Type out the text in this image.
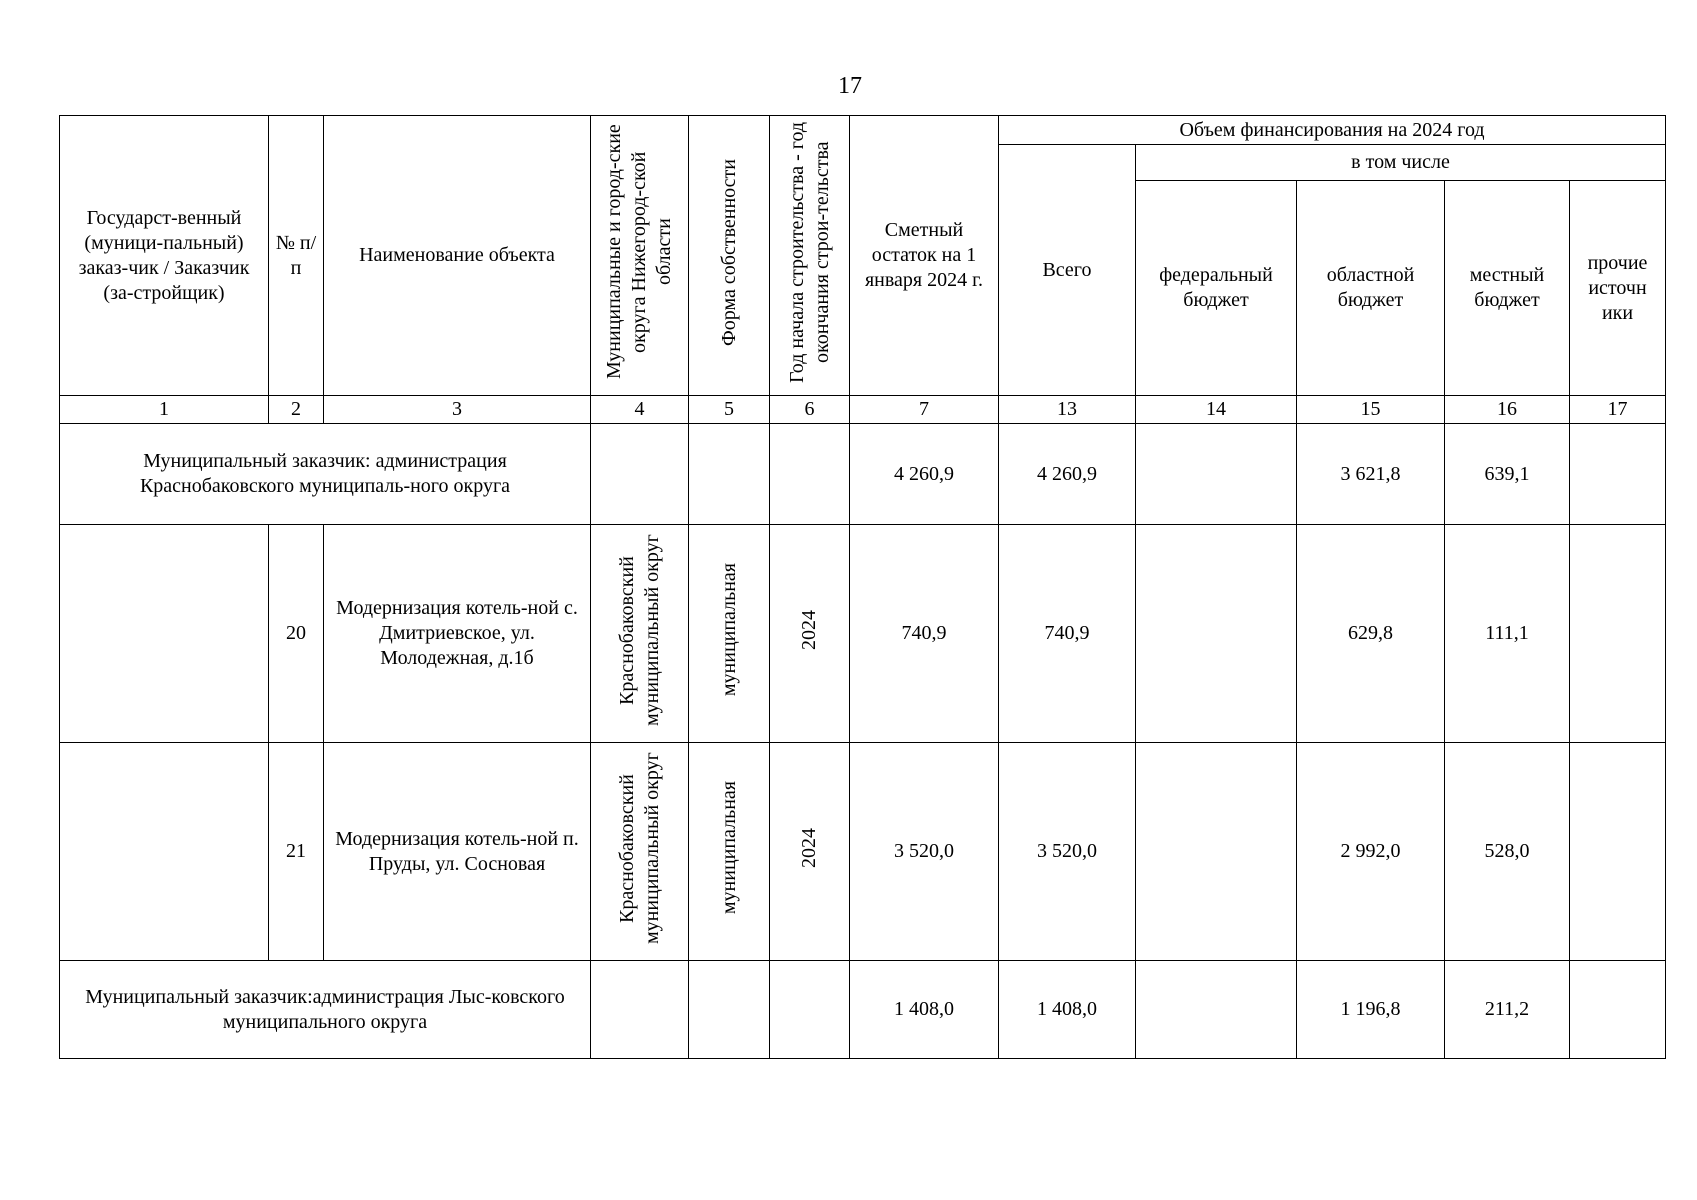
17
Государст-венный (муници-пальный) заказ-чик / Заказчик (за-стройщик)	№ п/п	Наименование объекта	Муниципальные и город-ские округа Нижегород-ской области	Форма собственности	Год начала строительства - год окончания строи-тельства	Сметный остаток на 1 января 2024 г.	Объем финансирования на 2024 год				
							Всего	в том числе			
								федеральный бюджет	областной бюджет	местный бюджет	прочие источн ики
1	2	3	4	5	6	7	13	14	15	16	17
Муниципальный заказчик: администрация Краснобаковского муниципаль-ного округа						4 260,9	4 260,9		3 621,8	639,1	
	20	Модернизация котель-ной с. Дмитриевское, ул. Молодежная, д.1б	Краснобаковский муниципальный округ	муниципальная	2024	740,9	740,9		629,8	111,1	
	21	Модернизация котель-ной п. Пруды, ул. Сосновая	Краснобаковский муниципальный округ	муниципальная	2024	3 520,0	3 520,0		2 992,0	528,0	
Муниципальный заказчик:администрация Лыс-ковского муниципального округа						1 408,0	1 408,0		1 196,8	211,2	
